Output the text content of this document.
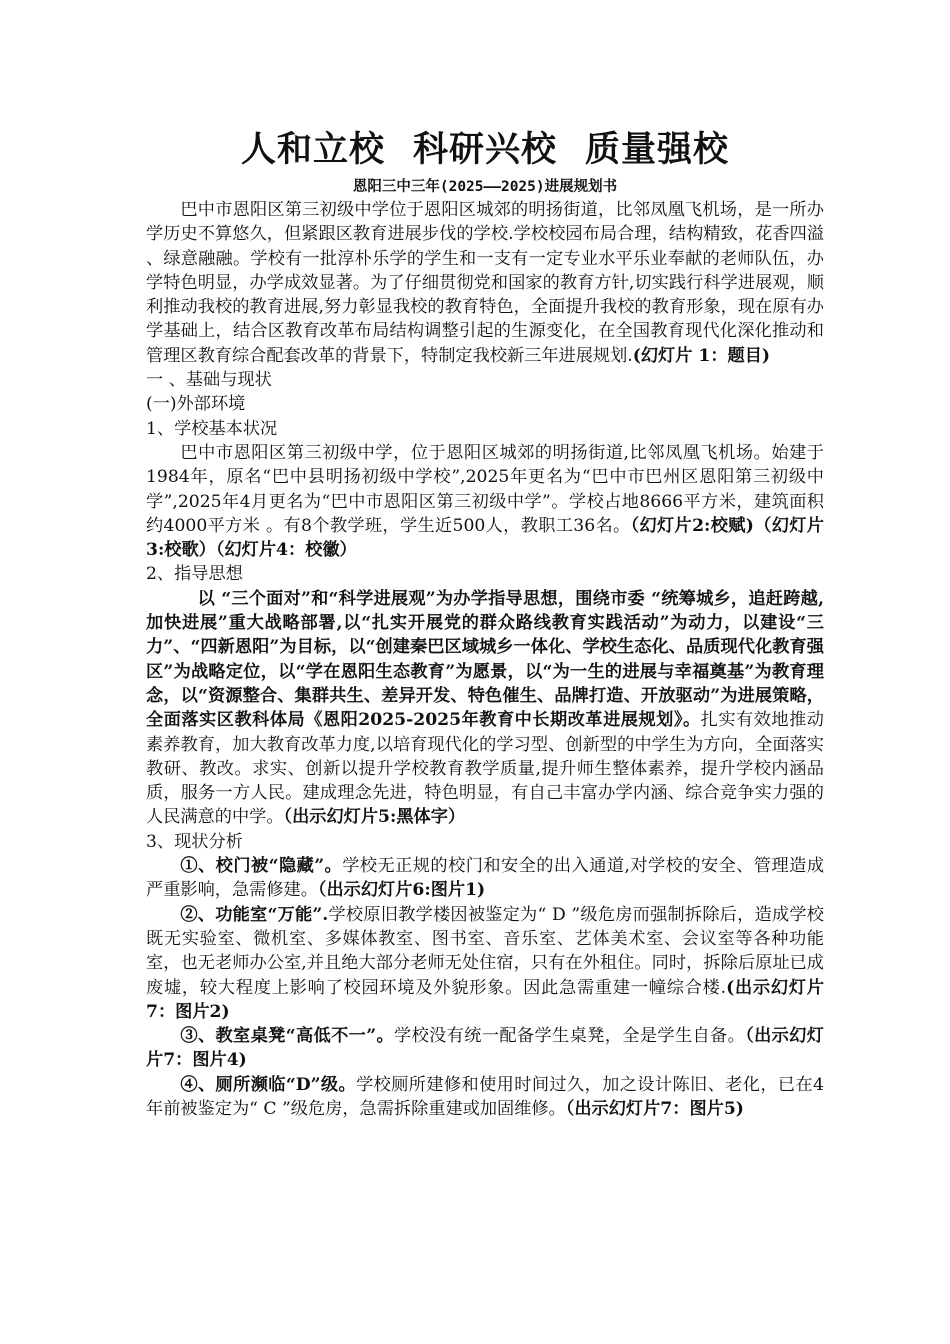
人和立校 科研兴校 质量强校
恩阳三中三年(2025——2025)进展规划书

巴中市恩阳区第三初级中学位于恩阳区城郊的明扬街道，比邻凤凰飞机场，是一所办学历史不算悠久，但紧跟区教育进展步伐的学校.学校校园布局合理，结构精致，花香四溢 、绿意融融。学校有一批淳朴乐学的学生和一支有一定专业水平乐业奉献的老师队伍，办学特色明显，办学成效显著。为了仔细贯彻党和国家的教育方针,切实践行科学进展观，顺利推动我校的教育进展,努力彰显我校的教育特色，全面提升我校的教育形象，现在原有办学基础上，结合区教育改革布局结构调整引起的生源变化，在全国教育现代化深化推动和管理区教育综合配套改革的背景下，特制定我校新三年进展规划.(幻灯片 1：题目)

一 、基础与现状
(一)外部环境
1、学校基本状况

巴中市恩阳区第三初级中学，位于恩阳区城郊的明扬街道,比邻凤凰飞机场。始建于1984年，原名“巴中县明扬初级中学校”,2025年更名为“巴中市巴州区恩阳第三初级中学”,2025年4月更名为“巴中市恩阳区第三初级中学”。学校占地8666平方米，建筑面积约4000平方米 。有8个教学班，学生近500人，教职工36名。（幻灯片2:校赋)（幻灯片3:校歌）（幻灯片4：校徽）

2、指导思想

以 “三个面对”和“科学进展观”为办学指导思想，围绕市委 “统筹城乡，追赶跨越,加快进展”重大战略部署,以“扎实开展党的群众路线教育实践活动”为动力，以建设“三力”、“四新恩阳”为目标，以“创建秦巴区域城乡一体化、学校生态化、品质现代化教育强区”为战略定位，以“学在恩阳生态教育”为愿景，以“为一生的进展与幸福奠基”为教育理念，以“资源整合、集群共生、差异开发、特色催生、品牌打造、开放驱动”为进展策略，全面落实区教科体局《恩阳2025-2025年教育中长期改革进展规划》。扎实有效地推动素养教育，加大教育改革力度,以培育现代化的学习型、创新型的中学生为方向，全面落实教研、教改。求实、创新以提升学校教育教学质量,提升师生整体素养，提升学校内涵品质，服务一方人民。建成理念先进，特色明显，有自己丰富办学内涵、综合竞争实力强的人民满意的中学。（出示幻灯片5:黑体字）

3、现状分析

①、校门被“隐藏”。学校无正规的校门和安全的出入通道,对学校的安全、管理造成严重影响，急需修建。（出示幻灯片6:图片1)

②、功能室“万能”.学校原旧教学楼因被鉴定为“ D ”级危房而强制拆除后，造成学校既无实验室、微机室、多媒体教室、图书室、音乐室、艺体美术室、会议室等各种功能室，也无老师办公室,并且绝大部分老师无处住宿，只有在外租住。同时，拆除后原址已成废墟，较大程度上影响了校园环境及外貌形象。因此急需重建一幢综合楼.(出示幻灯片7：图片2)

③、教室桌凳“高低不一”。学校没有统一配备学生桌凳，全是学生自备。（出示幻灯片7：图片4)

④、厕所濒临“D”级。学校厕所建修和使用时间过久，加之设计陈旧、老化，已在4年前被鉴定为“ C ”级危房，急需拆除重建或加固维修。（出示幻灯片7：图片5)
